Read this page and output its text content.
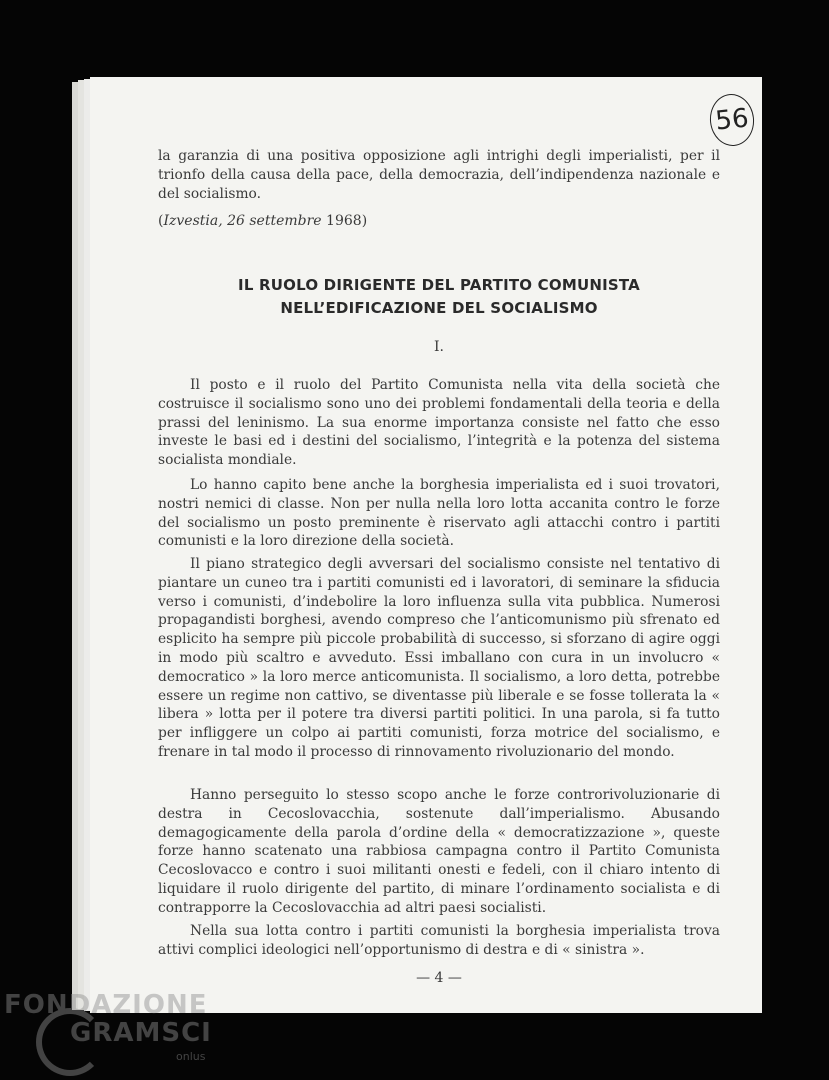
56

la garanzia di una positiva opposizione agli intrighi degli imperialisti, per il trionfo della causa della pace, della democrazia, dell’indipendenza nazionale e del socialismo.

(Izvestia, 26 settembre 1968)
IL RUOLO DIRIGENTE DEL PARTITO COMUNISTA
NELL’EDIFICAZIONE DEL SOCIALISMO
I.

Il posto e il ruolo del Partito Comunista nella vita della società che costruisce il socialismo sono uno dei problemi fondamentali della teoria e della prassi del leninismo. La sua enorme importanza consiste nel fatto che esso investe le basi ed i destini del socialismo, l’integrità e la potenza del sistema socialista mondiale.

Lo hanno capito bene anche la borghesia imperialista ed i suoi trovatori, nostri nemici di classe. Non per nulla nella loro lotta accanita contro le forze del socialismo un posto preminente è riservato agli attacchi contro i partiti comunisti e la loro direzione della società.

Il piano strategico degli avversari del socialismo consiste nel tentativo di piantare un cuneo tra i partiti comunisti ed i lavoratori, di seminare la sfiducia verso i comunisti, d’indebolire la loro influenza sulla vita pubblica. Numerosi propagandisti borghesi, avendo compreso che l’anticomunismo più sfrenato ed esplicito ha sempre più piccole probabilità di successo, si sforzano di agire oggi in modo più scaltro e avveduto. Essi imballano con cura in un involucro « democratico » la loro merce anticomunista. Il socialismo, a loro detta, potrebbe essere un regime non cattivo, se diventasse più liberale e se fosse tollerata la « libera » lotta per il potere tra diversi partiti politici. In una parola, si fa tutto per infliggere un colpo ai partiti comunisti, forza motrice del socialismo, e frenare in tal modo il processo di rinnovamento rivoluzionario del mondo.

Hanno perseguito lo stesso scopo anche le forze controrivoluzionarie di destra in Cecoslovacchia, sostenute dall’imperialismo. Abusando demagogicamente della parola d’ordine della « democratizzazione », queste forze hanno scatenato una rabbiosa campagna contro il Partito Comunista Cecoslovacco e contro i suoi militanti onesti e fedeli, con il chiaro intento di liquidare il ruolo dirigente del partito, di minare l’ordinamento socialista e di contrapporre la Cecoslovacchia ad altri paesi socialisti.

Nella sua lotta contro i partiti comunisti la borghesia imperialista trova attivi complici ideologici nell’opportunismo di destra e di « sinistra ».

— 4 —
FONDAZIONE
GRAMSCI
onlus
